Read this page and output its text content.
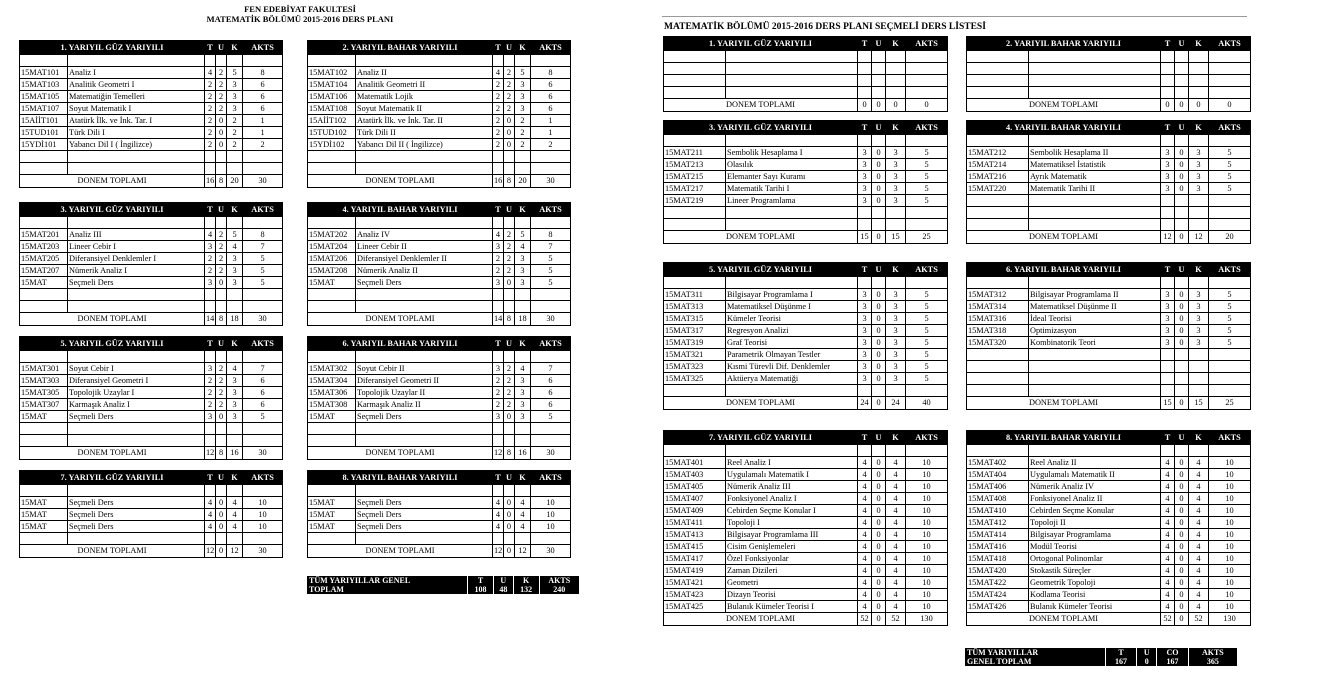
FEN EDEBİYAT FAKULTESİ
MATEMATİK BÖLÜMÜ 2015-2016 DERS PLANI
1. YARIYIL GÜZ YARIYILI		T	U	K	AKTS

15MAT101	Analiz I	4	2	5	8
15MAT103	Analitik Geometri I	2	2	3	6
15MAT105	Matematiğin Temelleri	2	2	3	6
15MAT107	Soyut Matematik I	2	2	3	6
15AİİT101	Atatürk İlk. ve İnk. Tar. I	2	0	2	1
15TUD101	Türk Dili I	2	0	2	1
15YDİ101	Yabancı Dil I ( İngilizce)	2	0	2	2

DONEM TOPLAMI		16	8	20	30
2. YARIYIL BAHAR YARIYILI		T	U	K	AKTS

15MAT102	Analiz II	4	2	5	8
15MAT104	Analitik Geometri II	2	2	3	6
15MAT106	Matematik Lojik	2	2	3	6
15MAT108	Soyut Matematik II	2	2	3	6
15AİİT102	Atatürk İlk. ve İnk. Tar. II	2	0	2	1
15TUD102	Türk Dili II	2	0	2	1
15YDİ102	Yabancı Dil II ( İngilizce)	2	0	2	2

DONEM TOPLAMI		16	8	20	30
3. YARIYIL GÜZ YARIYILI		T	U	K	AKTS

15MAT201	Analiz III	4	2	5	8
15MAT203	Lineer Cebir I	3	2	4	7
15MAT205	Diferansiyel Denklemler I	2	2	3	5
15MAT207	Nümerik Analiz I	2	2	3	5
15MAT	Seçmeli Ders	3	0	3	5

DONEM TOPLAMI		14	8	18	30
4. YARIYIL BAHAR YARIYILI		T	U	K	AKTS

15MAT202	Analiz IV	4	2	5	8
15MAT204	Lineer Cebir II	3	2	4	7
15MAT206	Diferansiyel Denklemler II	2	2	3	5
15MAT208	Nümerik Analiz II	2	2	3	5
15MAT	Seçmeli Ders	3	0	3	5

DONEM TOPLAMI		14	8	18	30
5. YARIYIL GÜZ YARIYILI		T	U	K	AKTS

15MAT301	Soyut Cebir I	3	2	4	7
15MAT303	Diferansiyel Geometri I	2	2	3	6
15MAT305	Topolojik Uzaylar I	2	2	3	6
15MAT307	Karmaşık Analiz I	2	2	3	6
15MAT	Seçmeli Ders	3	0	3	5

DONEM TOPLAMI		12	8	16	30
6. YARIYIL BAHAR YARIYILI		T	U	K	AKTS

15MAT302	Soyut Cebir II	3	2	4	7
15MAT304	Diferansiyel Geometri II	2	2	3	6
15MAT306	Topolojik Uzaylar II	2	2	3	6
15MAT308	Karmaşık Analiz II	2	2	3	6
15MAT	Seçmeli Ders	3	0	3	5

DONEM TOPLAMI		12	8	16	30
7. YARIYIL GÜZ YARIYILI		T	U	K	AKTS

15MAT	Seçmeli Ders	4	0	4	10
15MAT	Seçmeli Ders	4	0	4	10
15MAT	Seçmeli Ders	4	0	4	10

DONEM TOPLAMI		12	0	12	30
8. YARIYIL BAHAR YARIYILI		T	U	K	AKTS

15MAT	Seçmeli Ders	4	0	4	10
15MAT	Seçmeli Ders	4	0	4	10
15MAT	Seçmeli Ders	4	0	4	10

DONEM TOPLAMI		12	0	12	30
TÜM YARIYILLAR GENEL	T	U	K	AKTS
TOPLAM	108	48	132	240
MATEMATİK BÖLÜMÜ 2015-2016 DERS PLANI SEÇMELİ DERS LİSTESİ
1. YARIYIL GÜZ YARIYILI		T	U	K	AKTS

DONEM TOPLAMI		0	0	0	0
2. YARIYIL BAHAR YARIYILI		T	U	K	AKTS

DONEM TOPLAMI		0	0	0	0
3. YARIYIL GÜZ YARIYILI		T	U	K	AKTS

15MAT211	Sembolik Hesaplama I	3	0	3	5
15MAT213	Olasılık	3	0	3	5
15MAT215	Elemanter Sayı Kuramı	3	0	3	5
15MAT217	Matematik Tarihi I	3	0	3	5
15MAT219	Lineer Programlama	3	0	3	5

DONEM TOPLAMI		15	0	15	25
4. YARIYIL BAHAR YARIYILI		T	U	K	AKTS

15MAT212	Sembolik Hesaplama II	3	0	3	5
15MAT214	Matematiksel İstatistik	3	0	3	5
15MAT216	Ayrık Matematik	3	0	3	5
15MAT220	Matematik Tarihi II	3	0	3	5

DONEM TOPLAMI		12	0	12	20
5. YARIYIL GÜZ YARIYILI		T	U	K	AKTS

15MAT311	Bilgisayar Programlama I	3	0	3	5
15MAT313	Matematiksel Düşünme I	3	0	3	5
15MAT315	Kümeler Teorisi	3	0	3	5
15MAT317	Regresyon Analizi	3	0	3	5
15MAT319	Graf Teorisi	3	0	3	5
15MAT321	Parametrik Olmayan Testler	3	0	3	5
15MAT323	Kısmi Türevli Dif. Denklemler	3	0	3	5
15MAT325	Aktüerya Matematiği	3	0	3	5

DONEM TOPLAMI		24	0	24	40
6. YARIYIL BAHAR YARIYILI		T	U	K	AKTS

15MAT312	Bilgisayar Programlama II	3	0	3	5
15MAT314	Matematiksel Düşünme II	3	0	3	5
15MAT316	İdeal Teorisi	3	0	3	5
15MAT318	Optimizasyon	3	0	3	5
15MAT320	Kombinatorik Teori	3	0	3	5

DONEM TOPLAMI		15	0	15	25
7. YARIYIL GÜZ YARIYILI		T	U	K	AKTS

15MAT401	Reel Analiz I	4	0	4	10
15MAT403	Uygulamalı Matematik I	4	0	4	10
15MAT405	Nümerik Analiz III	4	0	4	10
15MAT407	Fonksiyonel Analiz I	4	0	4	10
15MAT409	Cebirden Seçme Konular I	4	0	4	10
15MAT411	Topoloji I	4	0	4	10
15MAT413	Bilgisayar Programlama III	4	0	4	10
15MAT415	Cisim Genişlemeleri	4	0	4	10
15MAT417	Özel Fonksiyonlar	4	0	4	10
15MAT419	Zaman Dizileri	4	0	4	10
15MAT421	Geometri	4	0	4	10
15MAT423	Dizayn Teorisi	4	0	4	10
15MAT425	Bulanık Kümeler Teorisi I	4	0	4	10
DONEM TOPLAMI		52	0	52	130
8. YARIYIL BAHAR YARIYILI		T	U	K	AKTS

15MAT402	Reel Analiz II	4	0	4	10
15MAT404	Uygulamalı Matematik II	4	0	4	10
15MAT406	Nümerik Analiz IV	4	0	4	10
15MAT408	Fonksiyonel Analiz II	4	0	4	10
15MAT410	Cebirden Seçme Konular	4	0	4	10
15MAT412	Topoloji II	4	0	4	10
15MAT414	Bilgisayar Programlama	4	0	4	10
15MAT416	Modül Teorisi	4	0	4	10
15MAT418	Ortogonal Polinomlar	4	0	4	10
15MAT420	Stokastik Süreçler	4	0	4	10
15MAT422	Geometrik Topoloji	4	0	4	10
15MAT424	Kodlama Teorisi	4	0	4	10
15MAT426	Bulanık Kümeler Teorisi	4	0	4	10
DONEM TOPLAMI		52	0	52	130
TÜM YARIYILLAR	T	U	CO	AKTS
GENEL TOPLAM	167	0	167	365
